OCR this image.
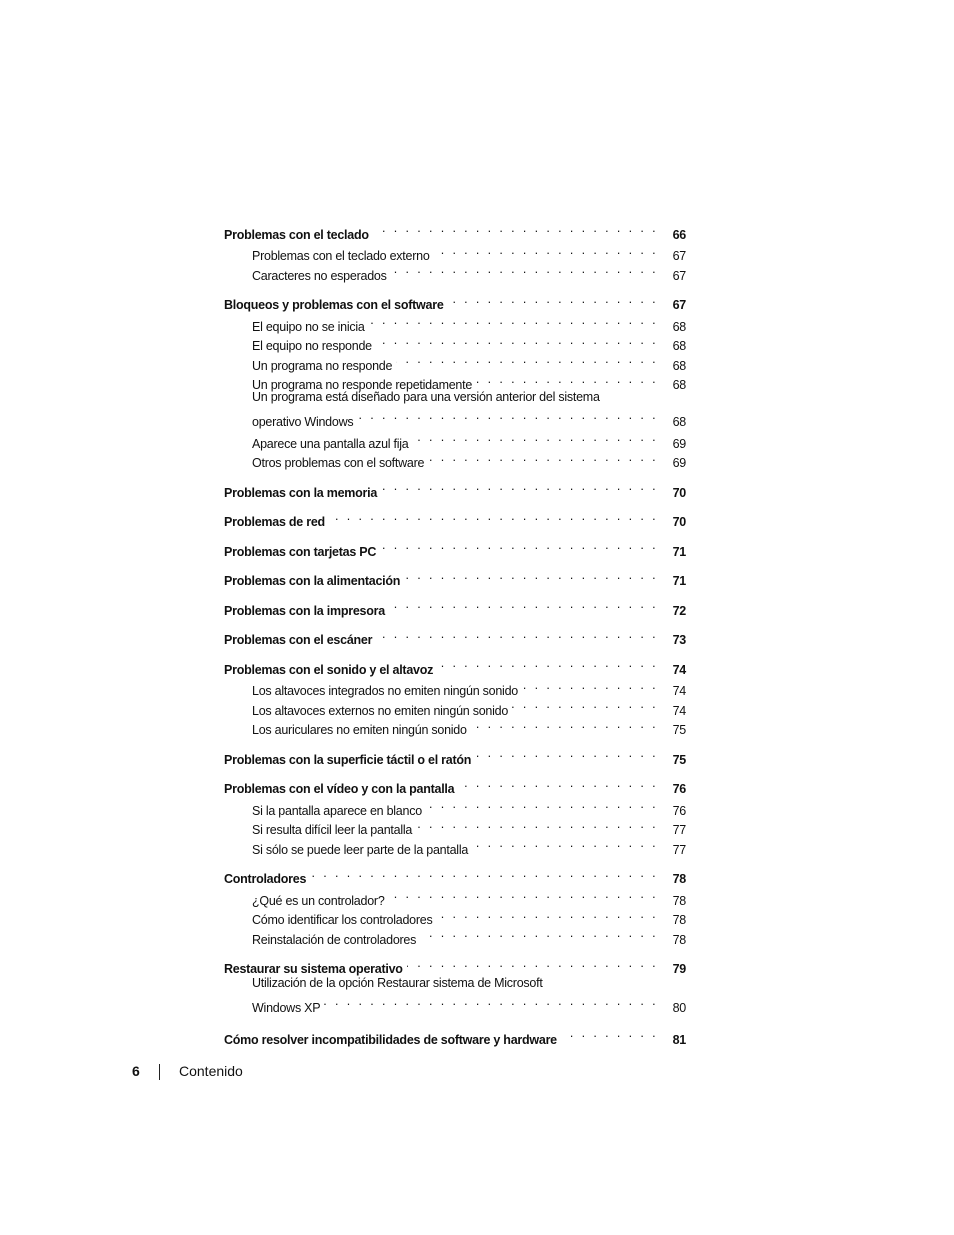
Problemas con el teclado . . .	66
Problemas con el teclado externo . . .	67
Caracteres no esperados . . .	67
Bloqueos y problemas con el software . . .	67
El equipo no se inicia . . .	68
El equipo no responde . . .	68
Un programa no responde . . .	68
Un programa no responde repetidamente . . .	68
Un programa está diseñado para una versión anterior del sistema
operativo Windows . . .	68
Aparece una pantalla azul fija . . .	69
Otros problemas con el software . . .	69
Problemas con la memoria . . .	70
Problemas de red . . .	70
Problemas con tarjetas PC . . .	71
Problemas con la alimentación . . .	71
Problemas con la impresora . . .	72
Problemas con el escáner . . .	73
Problemas con el sonido y el altavoz . . .	74
Los altavoces integrados no emiten ningún sonido . . .	74
Los altavoces externos no emiten ningún sonido . . .	74
Los auriculares no emiten ningún sonido . . .	75
Problemas con la superficie táctil o el ratón . . .	75
Problemas con el vídeo y con la pantalla . . .	76
Si la pantalla aparece en blanco . . .	76
Si resulta difícil leer la pantalla . . .	77
Si sólo se puede leer parte de la pantalla . . .	77
Controladores . . .	78
¿Qué es un controlador? . . .	78
Cómo identificar los controladores . . .	78
Reinstalación de controladores . . .	78
Restaurar su sistema operativo . . .	79
Utilización de la opción Restaurar sistema de Microsoft
Windows XP . . .	80
Cómo resolver incompatibilidades de software y hardware . . .	81
6	Contenido
